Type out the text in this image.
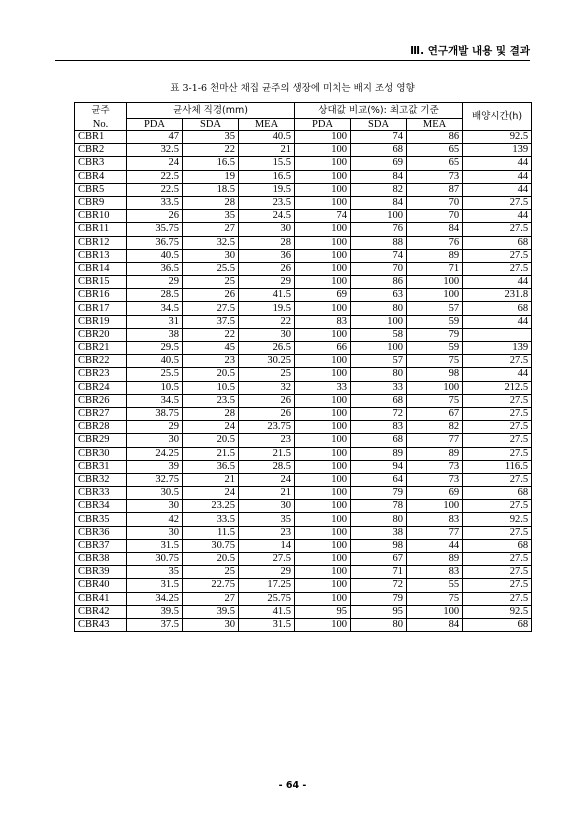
Ⅲ. 연구개발 내용 및 결과
표 3-1-6 천마산 채집 균주의 생장에 미치는 배지 조성 영향
균주	균사체 직경(mm)			상대값 비교(%): 최고값 기준			배양시간(h)
No.	PDA	SDA	MEA	PDA	SDA	MEA	
CBR1	47	35	40.5	100	74	86	92.5
CBR2	32.5	22	21	100	68	65	139
CBR3	24	16.5	15.5	100	69	65	44
CBR4	22.5	19	16.5	100	84	73	44
CBR5	22.5	18.5	19.5	100	82	87	44
CBR9	33.5	28	23.5	100	84	70	27.5
CBR10	26	35	24.5	74	100	70	44
CBR11	35.75	27	30	100	76	84	27.5
CBR12	36.75	32.5	28	100	88	76	68
CBR13	40.5	30	36	100	74	89	27.5
CBR14	36.5	25.5	26	100	70	71	27.5
CBR15	29	25	29	100	86	100	44
CBR16	28.5	26	41.5	69	63	100	231.8
CBR17	34.5	27.5	19.5	100	80	57	68
CBR19	31	37.5	22	83	100	59	44
CBR20	38	22	30	100	58	79	
CBR21	29.5	45	26.5	66	100	59	139
CBR22	40.5	23	30.25	100	57	75	27.5
CBR23	25.5	20.5	25	100	80	98	44
CBR24	10.5	10.5	32	33	33	100	212.5
CBR26	34.5	23.5	26	100	68	75	27.5
CBR27	38.75	28	26	100	72	67	27.5
CBR28	29	24	23.75	100	83	82	27.5
CBR29	30	20.5	23	100	68	77	27.5
CBR30	24.25	21.5	21.5	100	89	89	27.5
CBR31	39	36.5	28.5	100	94	73	116.5
CBR32	32.75	21	24	100	64	73	27.5
CBR33	30.5	24	21	100	79	69	68
CBR34	30	23.25	30	100	78	100	27.5
CBR35	42	33.5	35	100	80	83	92.5
CBR36	30	11.5	23	100	38	77	27.5
CBR37	31.5	30.75	14	100	98	44	68
CBR38	30.75	20.5	27.5	100	67	89	27.5
CBR39	35	25	29	100	71	83	27.5
CBR40	31.5	22.75	17.25	100	72	55	27.5
CBR41	34.25	27	25.75	100	79	75	27.5
CBR42	39.5	39.5	41.5	95	95	100	92.5
CBR43	37.5	30	31.5	100	80	84	68
- 64 -
